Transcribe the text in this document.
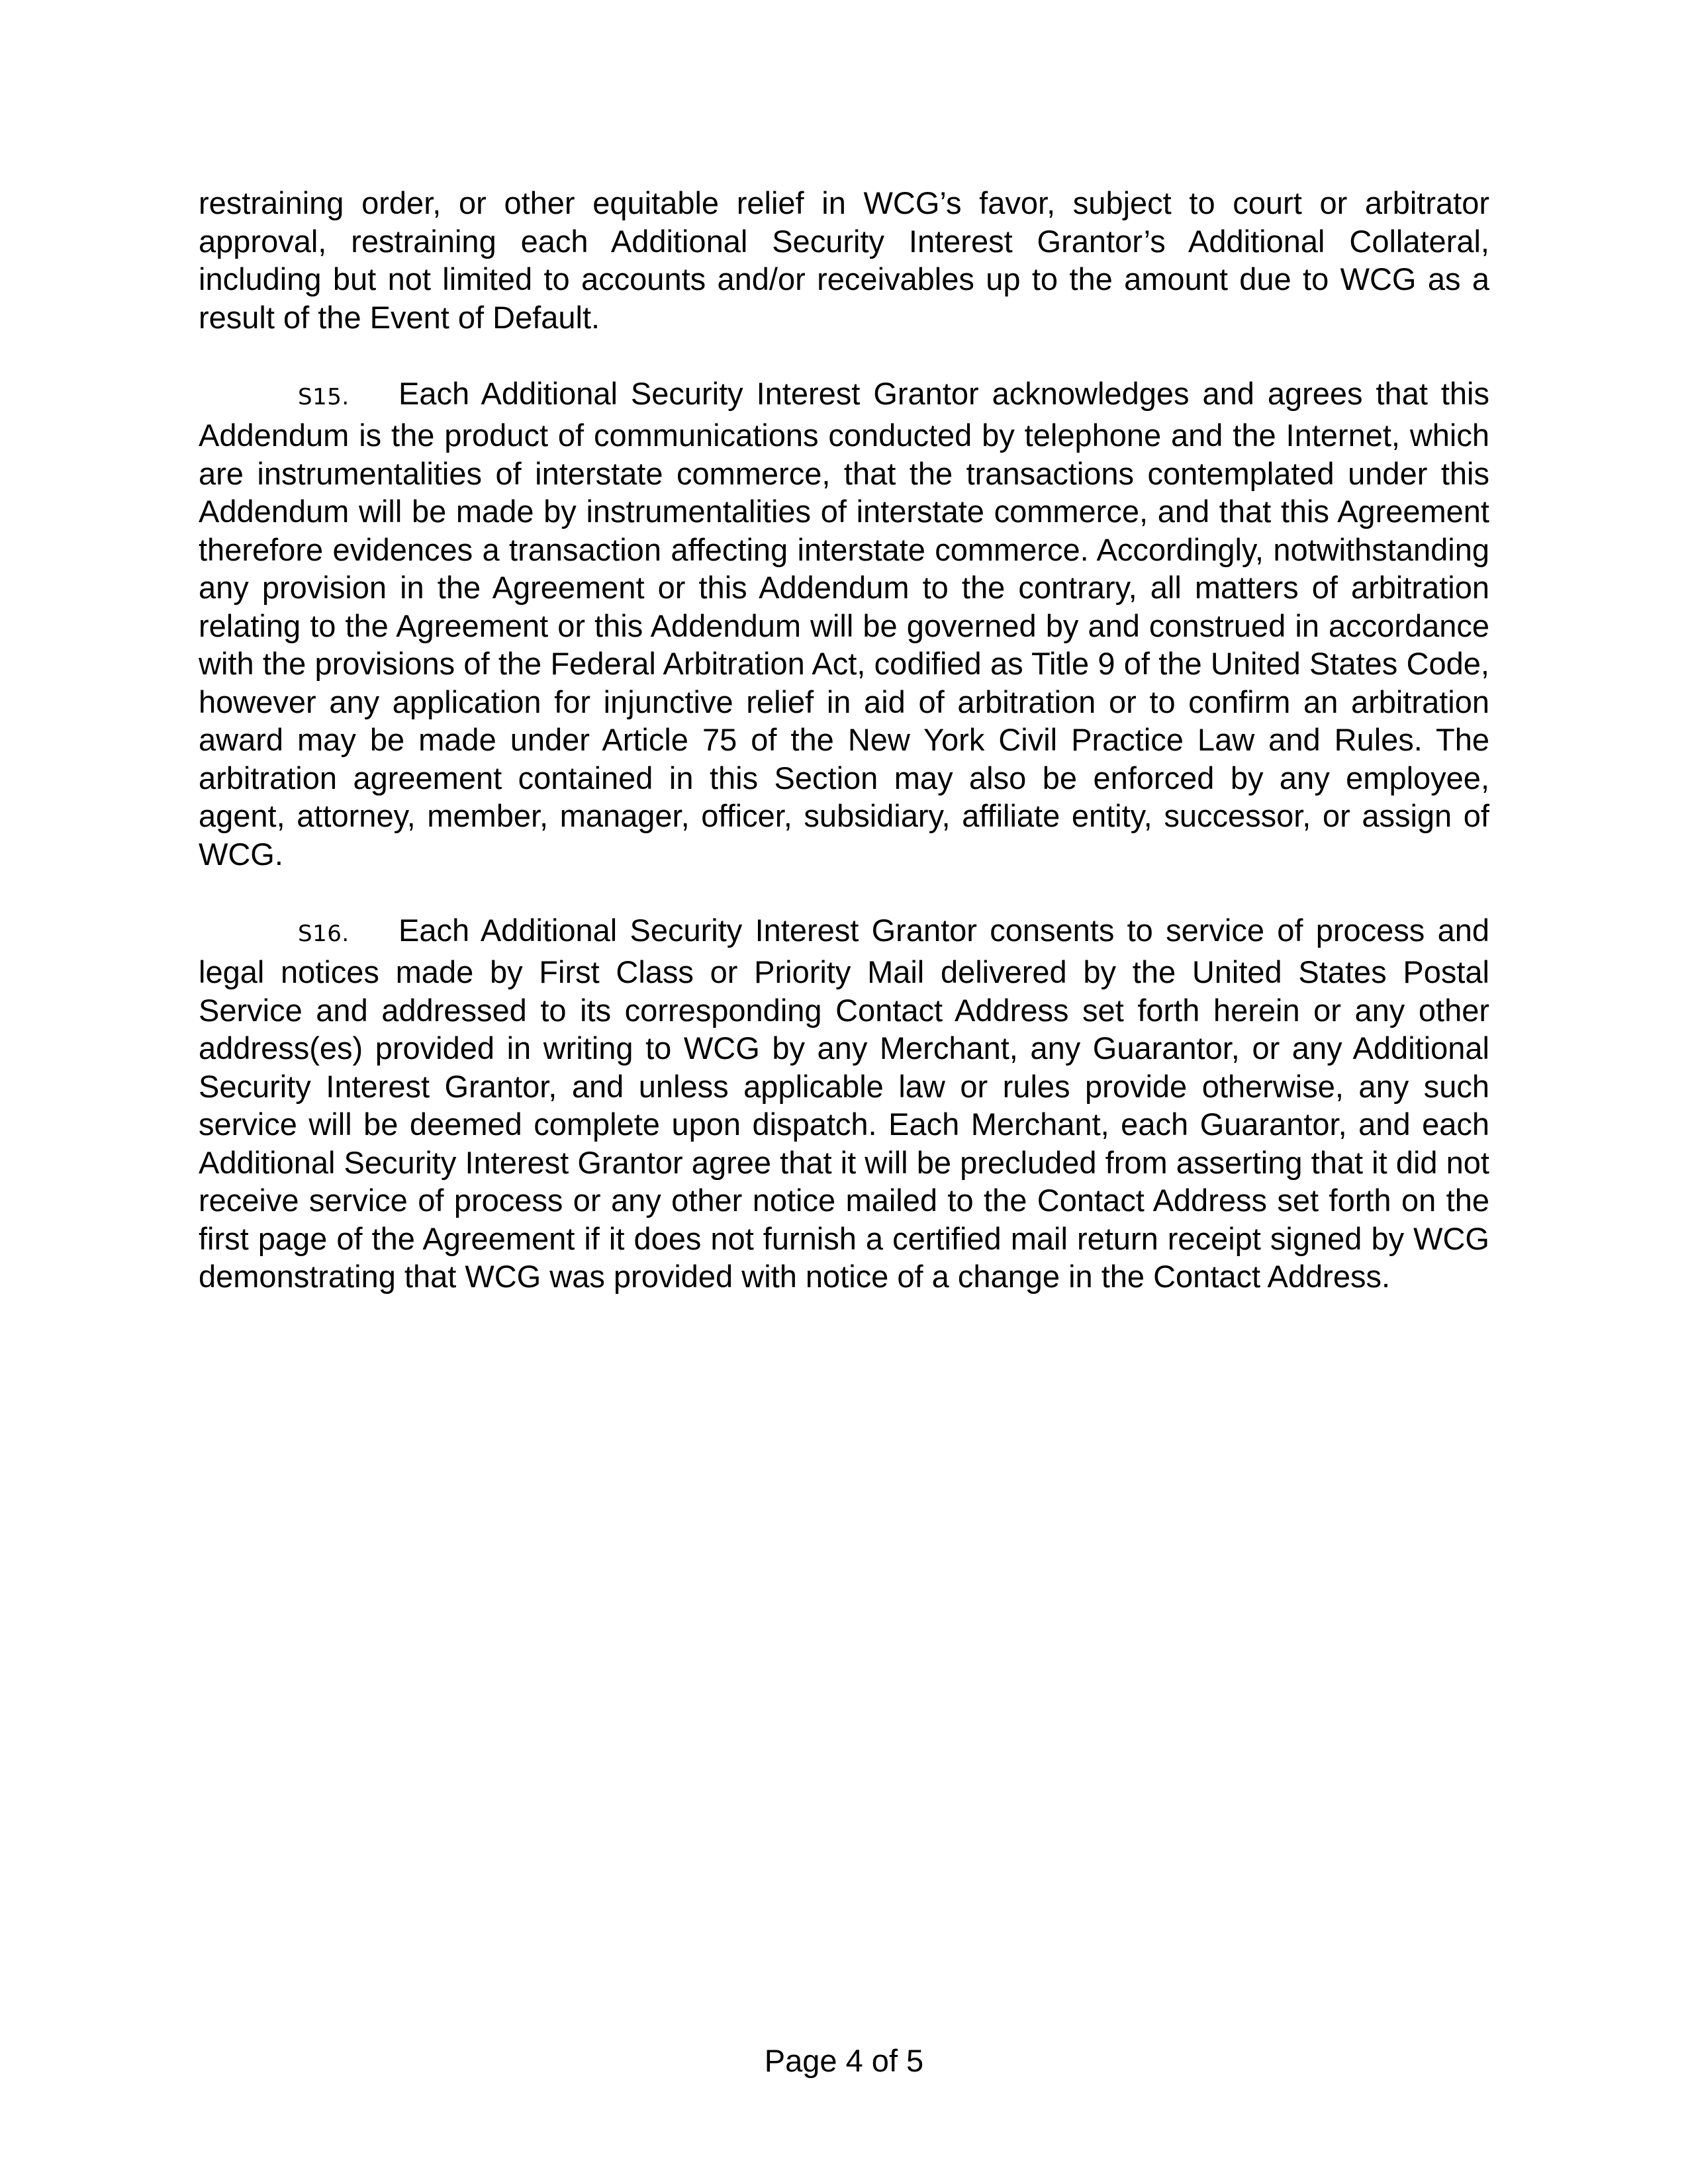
restraining order, or other equitable relief in WCG’s favor, subject to court or arbitrator approval, restraining each Additional Security Interest Grantor’s Additional Collateral, including but not limited to accounts and/or receivables up to the amount due to WCG as a result of the Event of Default.

S15. Each Additional Security Interest Grantor acknowledges and agrees that this Addendum is the product of communications conducted by telephone and the Internet, which are instrumentalities of interstate commerce, that the transactions contemplated under this Addendum will be made by instrumentalities of interstate commerce, and that this Agreement therefore evidences a transaction affecting interstate commerce. Accordingly, notwithstanding any provision in the Agreement or this Addendum to the contrary, all matters of arbitration relating to the Agreement or this Addendum will be governed by and construed in accordance with the provisions of the Federal Arbitration Act, codified as Title 9 of the United States Code, however any application for injunctive relief in aid of arbitration or to confirm an arbitration award may be made under Article 75 of the New York Civil Practice Law and Rules. The arbitration agreement contained in this Section may also be enforced by any employee, agent, attorney, member, manager, officer, subsidiary, affiliate entity, successor, or assign of WCG.

S16. Each Additional Security Interest Grantor consents to service of process and legal notices made by First Class or Priority Mail delivered by the United States Postal Service and addressed to its corresponding Contact Address set forth herein or any other address(es) provided in writing to WCG by any Merchant, any Guarantor, or any Additional Security Interest Grantor, and unless applicable law or rules provide otherwise, any such service will be deemed complete upon dispatch. Each Merchant, each Guarantor, and each Additional Security Interest Grantor agree that it will be precluded from asserting that it did not receive service of process or any other notice mailed to the Contact Address set forth on the first page of the Agreement if it does not furnish a certified mail return receipt signed by WCG demonstrating that WCG was provided with notice of a change in the Contact Address.

Page 4 of 5
